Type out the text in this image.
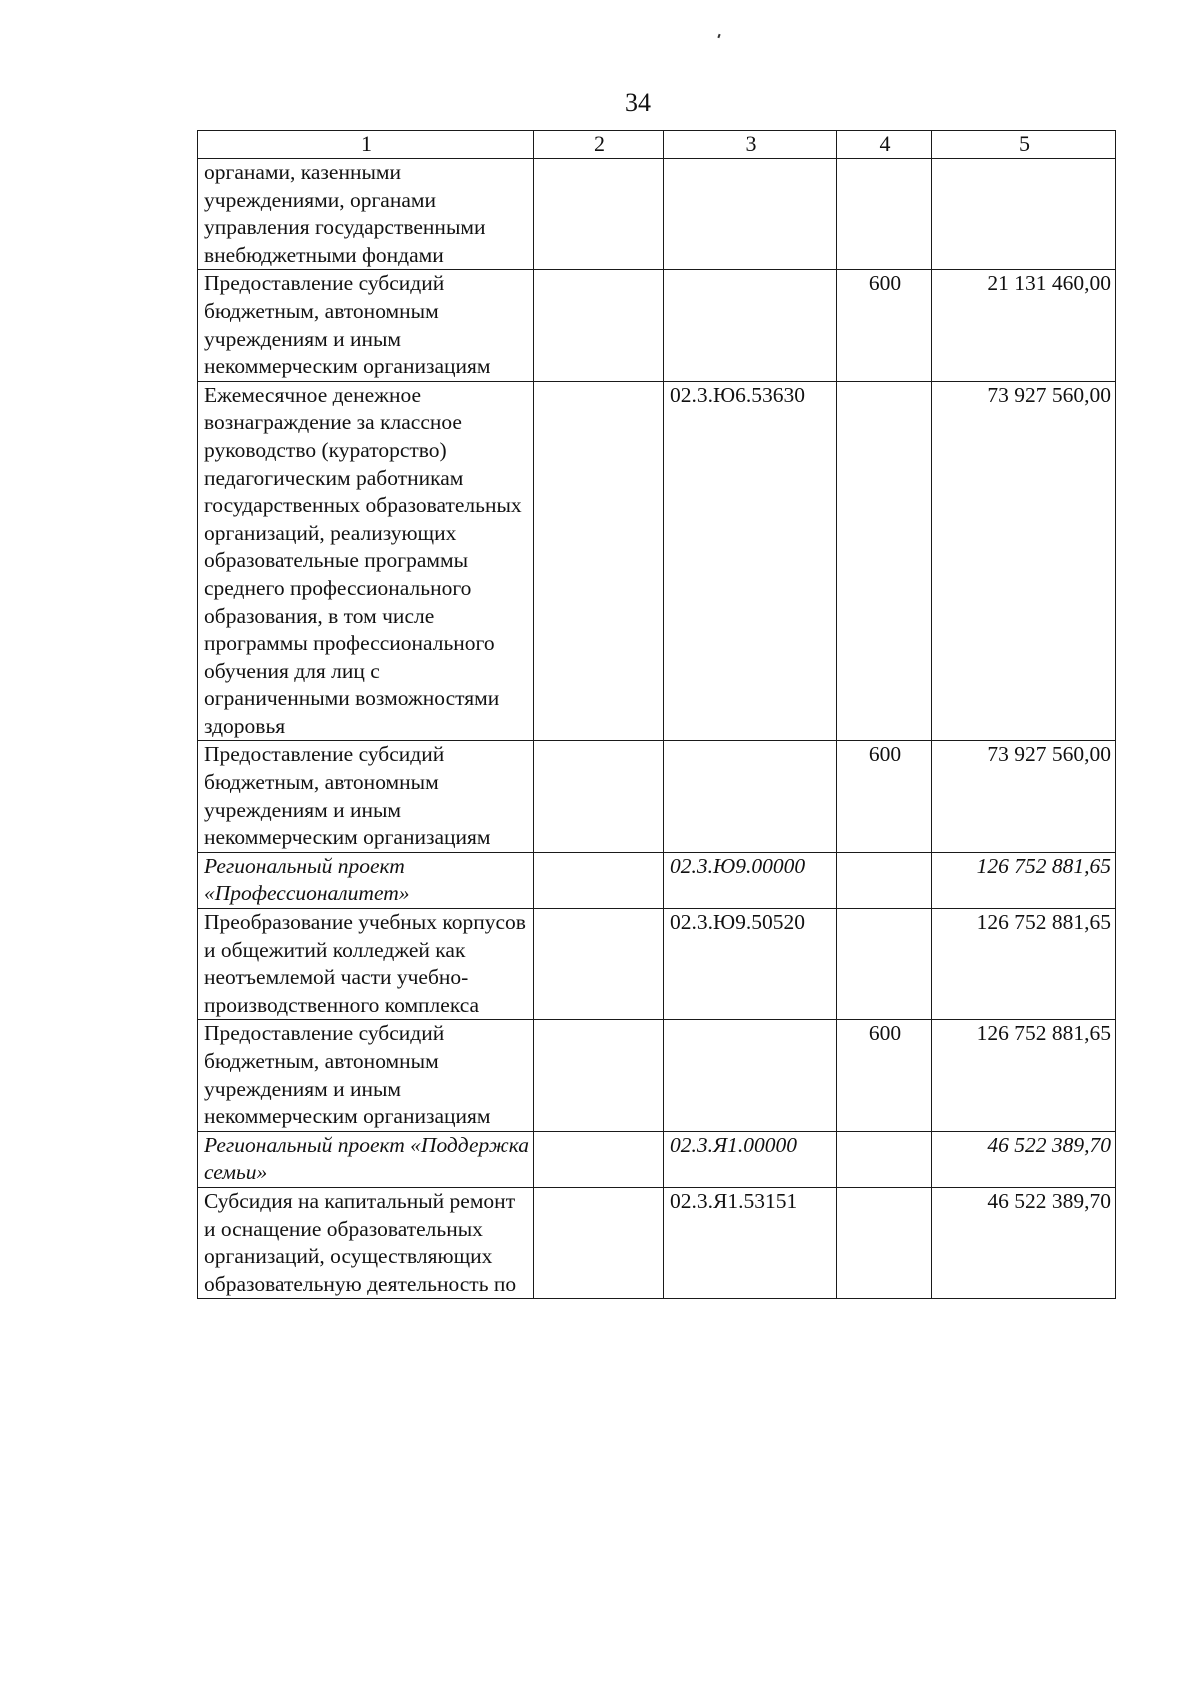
34
1	2	3	4	5
органами, казенными учреждениями, органами управления государственными внебюджетными фондами				
Предоставление субсидий бюджетным, автономным учреждениям и иным некоммерческим организациям			600	21 131 460,00
Ежемесячное денежное вознаграждение за классное руководство (кураторство) педагогическим работникам государственных образовательных организаций, реализующих образовательные программы среднего профессионального образования, в том числе программы профессионального обучения для лиц с ограниченными возможностями здоровья		02.3.Ю6.53630		73 927 560,00
Предоставление субсидий бюджетным, автономным учреждениям и иным некоммерческим организациям			600	73 927 560,00
Региональный проект «Профессионалитет»		02.3.Ю9.00000		126 752 881,65
Преобразование учебных корпусов и общежитий колледжей как неотъемлемой части учебно-производственного комплекса		02.3.Ю9.50520		126 752 881,65
Предоставление субсидий бюджетным, автономным учреждениям и иным некоммерческим организациям			600	126 752 881,65
Региональный проект «Поддержка семьи»		02.3.Я1.00000		46 522 389,70
Субсидия на капитальный ремонт и оснащение образовательных организаций, осуществляющих образовательную деятельность по		02.3.Я1.53151		46 522 389,70
